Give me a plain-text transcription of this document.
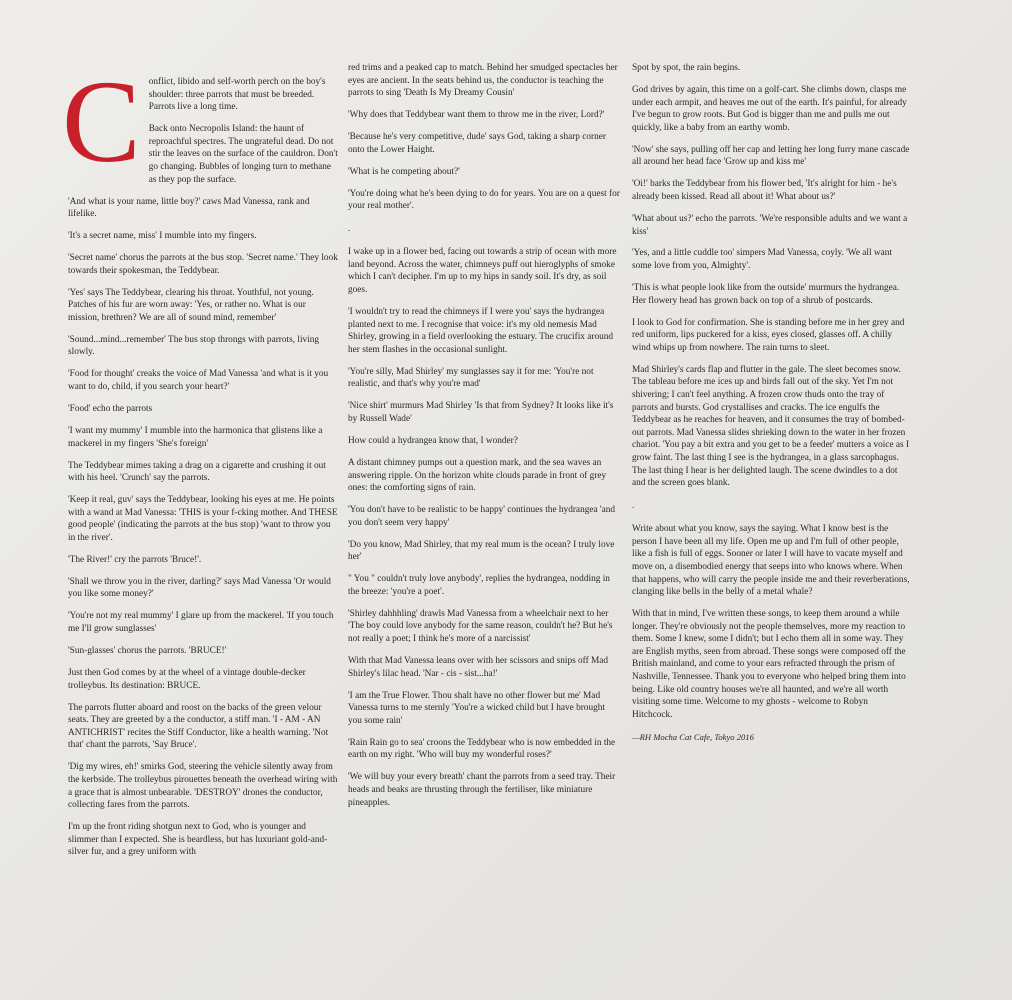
Conflict, libido and self-worth perch on the boy's shoulder: three parrots that must be breeded. Parrots live a long time.

Back onto Necropolis Island: the haunt of reproachful spectres. The ungrateful dead. Do not stir the leaves on the surface of the cauldron. Don't go changing. Bubbles of longing turn to methane as they pop the surface.

'And what is your name, little boy?' caws Mad Vanessa, rank and lifelike.

'It's a secret name, miss' I mumble into my fingers.

'Secret name' chorus the parrots at the bus stop. 'Secret name.' They look towards their spokesman, the Teddybear.

'Yes' says The Teddybear, clearing his throat. Youthful, not young. Patches of his fur are worn away: 'Yes, or rather no. What is our mission, brethren? We are all of sound mind, remember'

'Sound...mind...remember' The bus stop throngs with parrots, living slowly.

'Food for thought' creaks the voice of Mad Vanessa 'and what is it you want to do, child, if you search your heart?'

'Food' echo the parrots

'I want my mummy' I mumble into the harmonica that glistens like a mackerel in my fingers 'She's foreign'

The Teddybear mimes taking a drag on a cigarette and crushing it out with his heel. 'Crunch' say the parrots.

'Keep it real, guv' says the Teddybear, looking his eyes at me. He points with a wand at Mad Vanessa: 'THIS is your f-cking mother. And THESE good people' (indicating the parrots at the bus stop) 'want to throw you in the river'.

'The River!' cry the parrots 'Bruce!'.

'Shall we throw you in the river, darling?' says Mad Vanessa 'Or would you like some money?'

'You're not my real mummy' I glare up from the mackerel. 'If you touch me I'll grow sunglasses'

'Sun-glasses' chorus the parrots. 'BRUCE!'

Just then God comes by at the wheel of a vintage double-decker trolleybus. Its destination: BRUCE.

The parrots flutter aboard and roost on the backs of the green velour seats. They are greeted by a the conductor, a stiff man. 'I - AM - AN ANTICHRIST' recites the Stiff Conductor, like a health warning. 'Not that' chant the parrots, 'Say Bruce'.

'Dig my wires, eh!' smirks God, steering the vehicle silently away from the kerbside. The trolleybus pirouettes beneath the overhead wiring with a grace that is almost unbearable. 'DESTROY' drones the conductor, collecting fares from the parrots.

I'm up the front riding shotgun next to God, who is younger and slimmer than I expected. She is beardless, but has luxuriant gold-and-silver fur, and a grey uniform with

red trims and a peaked cap to match. Behind her smudged spectacles her eyes are ancient. In the seats behind us, the conductor is teaching the parrots to sing 'Death Is My Dreamy Cousin'

'Why does that Teddybear want them to throw me in the river, Lord?'

'Because he's very competitive, dude' says God, taking a sharp corner onto the Lower Haight.

'What is he competing about?'

'You're doing what he's been dying to do for years. You are on a quest for your real mother'.

.

I wake up in a flower bed, facing out towards a strip of ocean with more land beyond. Across the water, chimneys puff out hieroglyphs of smoke which I can't decipher. I'm up to my hips in sandy soil. It's dry, as soil goes.

'I wouldn't try to read the chimneys if I were you' says the hydrangea planted next to me. I recognise that voice: it's my old nemesis Mad Shirley, growing in a field overlooking the estuary. The crucifix around her stem flashes in the occasional sunlight.

'You're silly, Mad Shirley' my sunglasses say it for me: 'You're not realistic, and that's why you're mad'

'Nice shirt' murmurs Mad Shirley 'Is that from Sydney? It looks like it's by Russell Wade'

How could a hydrangea know that, I wonder?

A distant chimney pumps out a question mark, and the sea waves an answering ripple. On the horizon white clouds parade in front of grey ones: the comforting signs of rain.

'You don't have to be realistic to be happy' continues the hydrangea 'and you don't seem very happy'

'Do you know, Mad Shirley, that my real mum is the ocean? I truly love her'

" You " couldn't truly love anybody', replies the hydrangea, nodding in the breeze: 'you're a poet'.

'Shirley dahhhling' drawls Mad Vanessa from a wheelchair next to her 'The boy could love anybody for the same reason, couldn't he? But he's not really a poet; I think he's more of a narcissist'

With that Mad Vanessa leans over with her scissors and snips off Mad Shirley's lilac head. 'Nar - cis - sist...ha!'

'I am the True Flower. Thou shalt have no other flower but me' Mad Vanessa turns to me sternly 'You're a wicked child but I have brought you some rain'

'Rain Rain go to sea' croons the Teddybear who is now embedded in the earth on my right. 'Who will buy my wonderful roses?'

'We will buy your every breath' chant the parrots from a seed tray. Their heads and beaks are thrusting through the fertiliser, like miniature pineapples.

Spot by spot, the rain begins.

God drives by again, this time on a golf-cart. She climbs down, clasps me under each armpit, and heaves me out of the earth. It's painful, for already I've begun to grow roots. But God is bigger than me and pulls me out quickly, like a baby from an earthy womb.

'Now' she says, pulling off her cap and letting her long furry mane cascade all around her head face 'Grow up and kiss me'

'Oi!' barks the Teddybear from his flower bed, 'It's alright for him - he's already been kissed. Read all about it! What about us?'

'What about us?' echo the parrots. 'We're responsible adults and we want a kiss'

'Yes, and a little cuddle too' simpers Mad Vanessa, coyly. 'We all want some love from you, Almighty'.

'This is what people look like from the outside' murmurs the hydrangea. Her flowery head has grown back on top of a shrub of postcards.

I look to God for confirmation. She is standing before me in her grey and red uniform, lips puckered for a kiss, eyes closed, glasses off. A chilly wind whips up from nowhere. The rain turns to sleet.

Mad Shirley's cards flap and flutter in the gale. The sleet becomes snow. The tableau before me ices up and birds fall out of the sky. Yet I'm not shivering; I can't feel anything. A frozen crow thuds onto the tray of parrots and bursts. God crystallises and cracks. The ice engulfs the Teddybear as he reaches for heaven, and it consumes the tray of bombed-out parrots. Mad Vanessa slides shrieking down to the water in her frozen chariot. 'You pay a bit extra and you get to be a feeder' mutters a voice as I grow faint. The last thing I see is the hydrangea, in a glass sarcophagus. The last thing I hear is her delighted laugh. The scene dwindles to a dot and the screen goes blank.

.

Write about what you know, says the saying. What I know best is the person I have been all my life. Open me up and I'm full of other people, like a fish is full of eggs. Sooner or later I will have to vacate myself and move on, a disembodied energy that seeps into who knows where. When that happens, who will carry the people inside me and their reverberations, clanging like bells in the belly of a metal whale?

With that in mind, I've written these songs, to keep them around a while longer. They're obviously not the people themselves, more my reaction to them. Some I knew, some I didn't; but I echo them all in some way. They are English myths, seen from abroad. These songs were composed off the British mainland, and come to your ears refracted through the prism of Nashville, Tennessee. Thank you to everyone who helped bring them into being. Like old country houses we're all haunted, and we're all worth visiting some time. Welcome to my ghosts - welcome to Robyn Hitchcock.

—RH Mocha Cat Cafe, Tokyo 2016
